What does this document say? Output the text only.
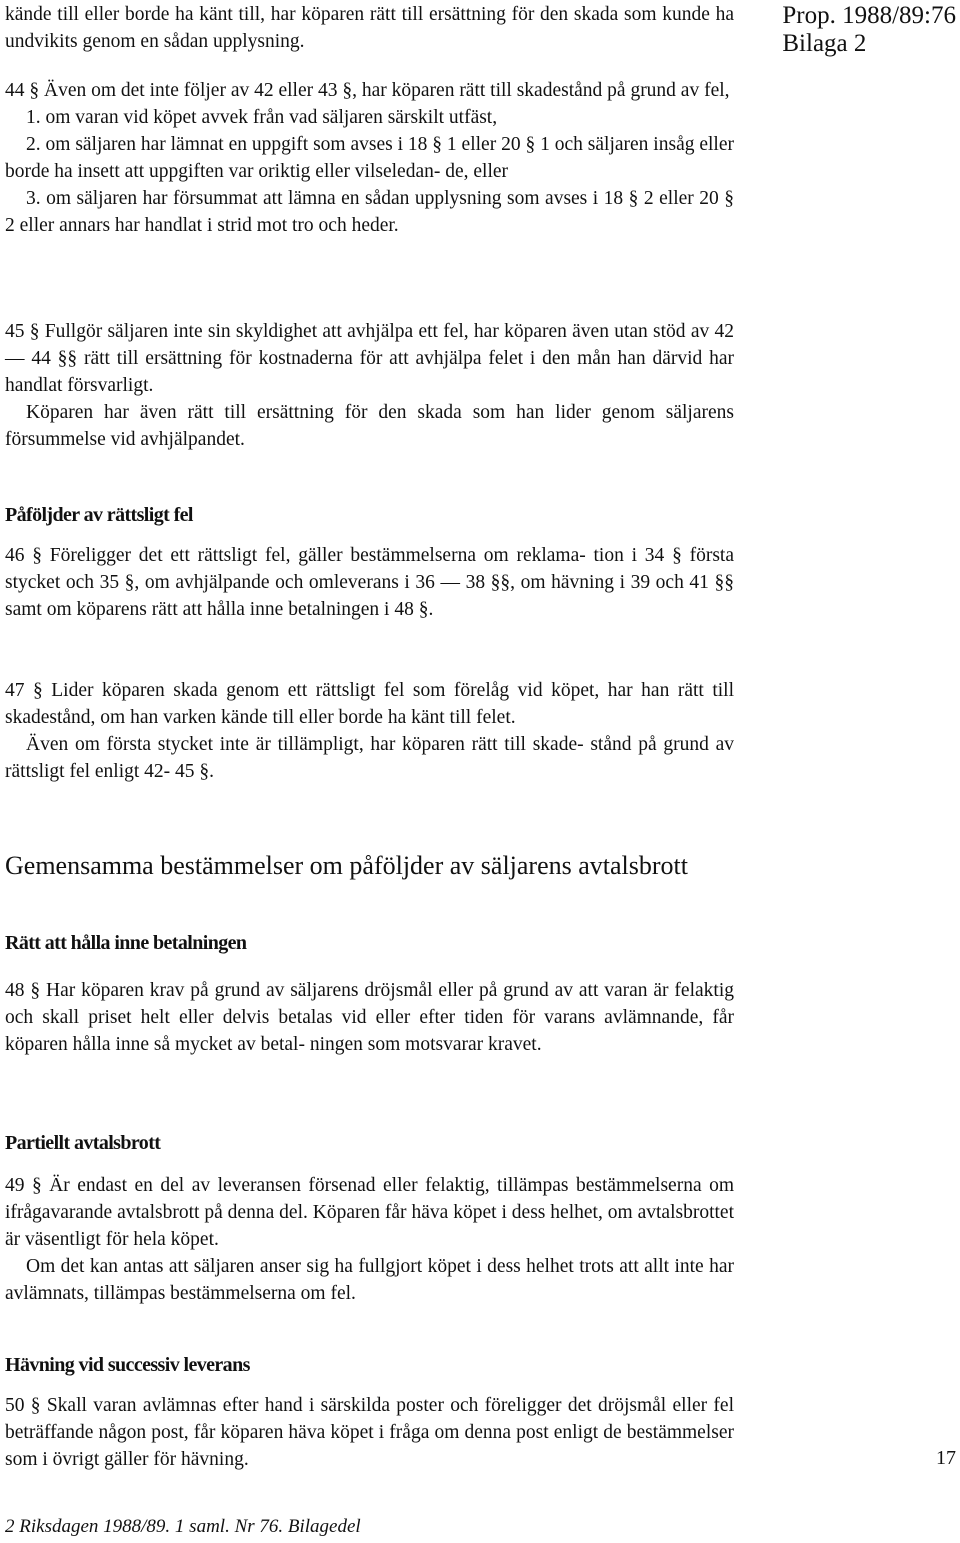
Prop. 1988/89:76
Bilaga 2

kände till eller borde ha känt till, har köparen rätt till ersättning för den skada som kunde ha undvikits genom en sådan upplysning.

44 § Även om det inte följer av 42 eller 43 §, har köparen rätt till skadestånd på grund av fel,

1. om varan vid köpet avvek från vad säljaren särskilt utfäst,

2. om säljaren har lämnat en uppgift som avses i 18 § 1 eller 20 § 1 och säljaren insåg eller borde ha insett att uppgiften var oriktig eller vilseledan- de, eller

3. om säljaren har försummat att lämna en sådan upplysning som avses i 18 § 2 eller 20 § 2 eller annars har handlat i strid mot tro och heder.

45 § Fullgör säljaren inte sin skyldighet att avhjälpa ett fel, har köparen även utan stöd av 42 — 44 §§ rätt till ersättning för kostnaderna för att avhjälpa felet i den mån han därvid har handlat försvarligt.

Köparen har även rätt till ersättning för den skada som han lider genom säljarens försummelse vid avhjälpandet.

Påföljder av rättsligt fel

46 § Föreligger det ett rättsligt fel, gäller bestämmelserna om reklama- tion i 34 § första stycket och 35 §, om avhjälpande och omleverans i 36 — 38 §§, om hävning i 39 och 41 §§ samt om köparens rätt att hålla inne betalningen i 48 §.

47 § Lider köparen skada genom ett rättsligt fel som förelåg vid köpet, har han rätt till skadestånd, om han varken kände till eller borde ha känt till felet.

Även om första stycket inte är tillämpligt, har köparen rätt till skade- stånd på grund av rättsligt fel enligt 42- 45 §.

Gemensamma bestämmelser om påföljder av säljarens avtalsbrott

Rätt att hålla inne betalningen

48 § Har köparen krav på grund av säljarens dröjsmål eller på grund av att varan är felaktig och skall priset helt eller delvis betalas vid eller efter tiden för varans avlämnande, får köparen hålla inne så mycket av betal- ningen som motsvarar kravet.

Partiellt avtalsbrott

49 § Är endast en del av leveransen försenad eller felaktig, tillämpas bestämmelserna om ifrågavarande avtalsbrott på denna del. Köparen får häva köpet i dess helhet, om avtalsbrottet är väsentligt för hela köpet.

Om det kan antas att säljaren anser sig ha fullgjort köpet i dess helhet trots att allt inte har avlämnats, tillämpas bestämmelserna om fel.

Hävning vid successiv leverans

50 § Skall varan avlämnas efter hand i särskilda poster och föreligger det dröjsmål eller fel beträffande någon post, får köparen häva köpet i fråga om denna post enligt de bestämmelser som i övrigt gäller för hävning.	17
2 Riksdagen 1988/89. 1 saml. Nr 76. Bilagedel
